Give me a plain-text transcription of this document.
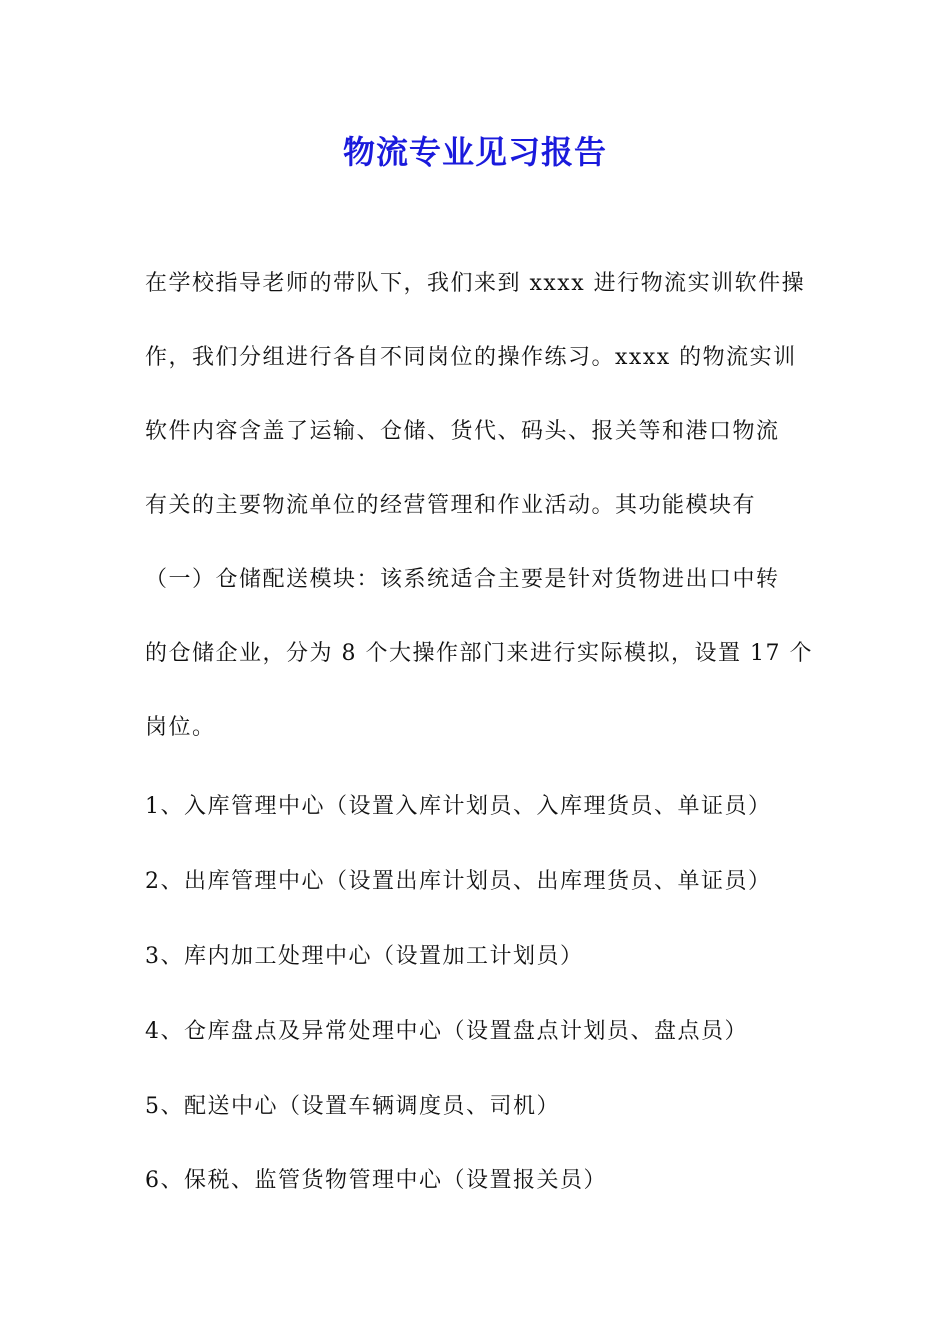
物流专业见习报告
在学校指导老师的带队下，我们来到 xxxx 进行物流实训软件操
作，我们分组进行各自不同岗位的操作练习。xxxx 的物流实训
软件内容含盖了运输、仓储、货代、码头、报关等和港口物流
有关的主要物流单位的经营管理和作业活动。其功能模块有
（一）仓储配送模块：该系统适合主要是针对货物进出口中转
的仓储企业，分为 8 个大操作部门来进行实际模拟，设置 17 个
岗位。
1、入库管理中心（设置入库计划员、入库理货员、单证员）
2、出库管理中心（设置出库计划员、出库理货员、单证员）
3、库内加工处理中心（设置加工计划员）
4、仓库盘点及异常处理中心（设置盘点计划员、盘点员）
5、配送中心（设置车辆调度员、司机）
6、保税、监管货物管理中心（设置报关员）
